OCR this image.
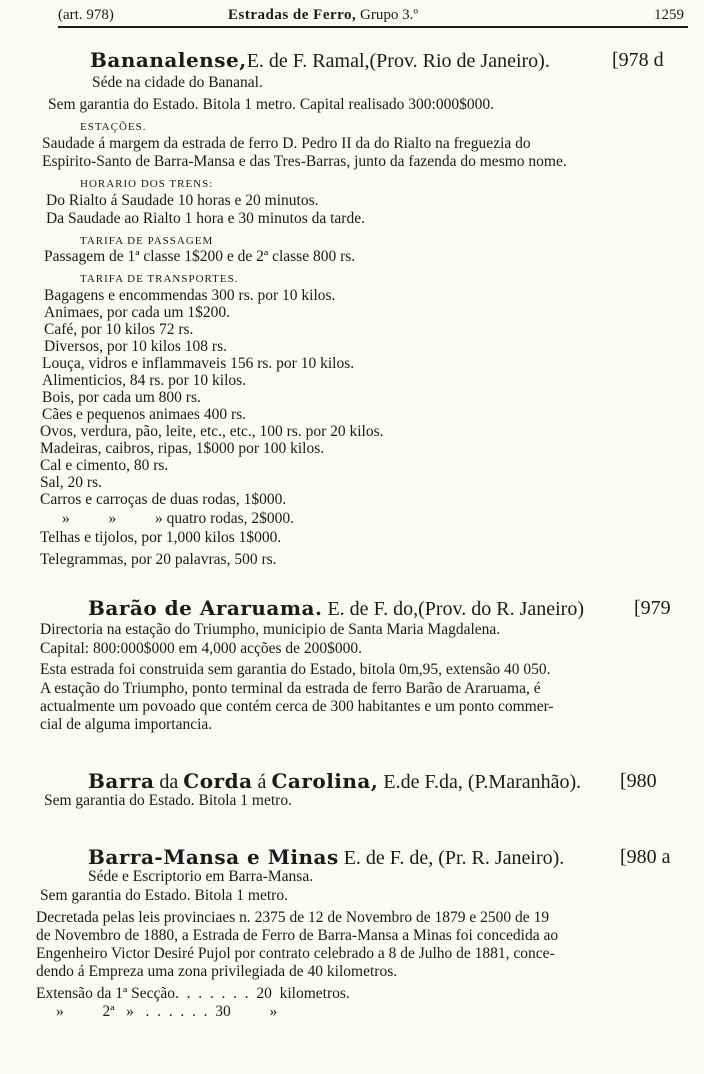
(art. 978)	Estradas de Ferro, Grupo 3.º	1259
Bananalense,E. de F. Ramal,(Prov. Rio de Janeiro).	[978 d
Séde na cidade do Bananal.
Sem garantia do Estado. Bitola 1 metro. Capital realisado 300:000$000.
ESTAÇÕES.
Saudade á margem da estrada de ferro D. Pedro II da do Rialto na freguezia do
Espirito-Santo de Barra-Mansa e das Tres-Barras, junto da fazenda do mesmo nome.
HORARIO DOS TRENS:
Do Rialto á Saudade 10 horas e 20 minutos.
Da Saudade ao Rialto 1 hora e 30 minutos da tarde.
TARIFA DE PASSAGEM
Passagem de 1ª classe 1$200 e de 2ª classe 800 rs.
TARIFA DE TRANSPORTES.
Bagagens e encommendas 300 rs. por 10 kilos.
Animaes, por cada um 1$200.
Café, por 10 kilos 72 rs.
Diversos, por 10 kilos 108 rs.
Louça, vidros e inflammaveis 156 rs. por 10 kilos.
Alimenticios, 84 rs. por 10 kilos.
Bois, por cada um 800 rs.
Cães e pequenos animaes 400 rs.
Ovos, verdura, pão, leite, etc., etc., 100 rs. por 20 kilos.
Madeiras, caibros, ripas, 1$000 por 100 kilos.
Cal e cimento, 80 rs.
Sal, 20 rs.
Carros e carroças de duas rodas, 1$000.
»          »          » quatro rodas, 2$000.
Telhas e tijolos, por 1,000 kilos 1$000.
Telegrammas, por 20 palavras, 500 rs.
Barão de Araruama. E. de F. do,(Prov. do R. Janeiro)	[979
Directoria na estação do Triumpho, municipio de Santa Maria Magdalena.
Capital: 800:000$000 em 4,000 acções de 200$000.
Esta estrada foi construida sem garantia do Estado, bitola 0m,95, extensão 40 050.
A estação do Triumpho, ponto terminal da estrada de ferro Barão de Araruama, é
actualmente um povoado que contém cerca de 300 habitantes e um ponto commer-
cial de alguma importancia.
Barra da Corda á Carolina, E.de F.da, (P.Maranhão). [980
Sem garantia do Estado. Bitola 1 metro.
Barra-Mansa e Minas E. de F. de, (Pr. R. Janeiro).	[980 a
Séde e Escriptorio em Barra-Mansa.
Sem garantia do Estado. Bitola 1 metro.
Decretada pelas leis provinciaes n. 2375 de 12 de Novembro de 1879 e 2500 de 19
de Novembro de 1880, a Estrada de Ferro de Barra-Mansa a Minas foi concedida ao
Engenheiro Victor Desiré Pujol por contrato celebrado a 8 de Julho de 1881, conce-
dendo á Empreza uma zona privilegiada de 40 kilometros.
Extensão da 1ª Secção.  .  .  .  .  .  .  20  kilometros.
»          2ª   »   .  .  .  .  .  .  30          »
